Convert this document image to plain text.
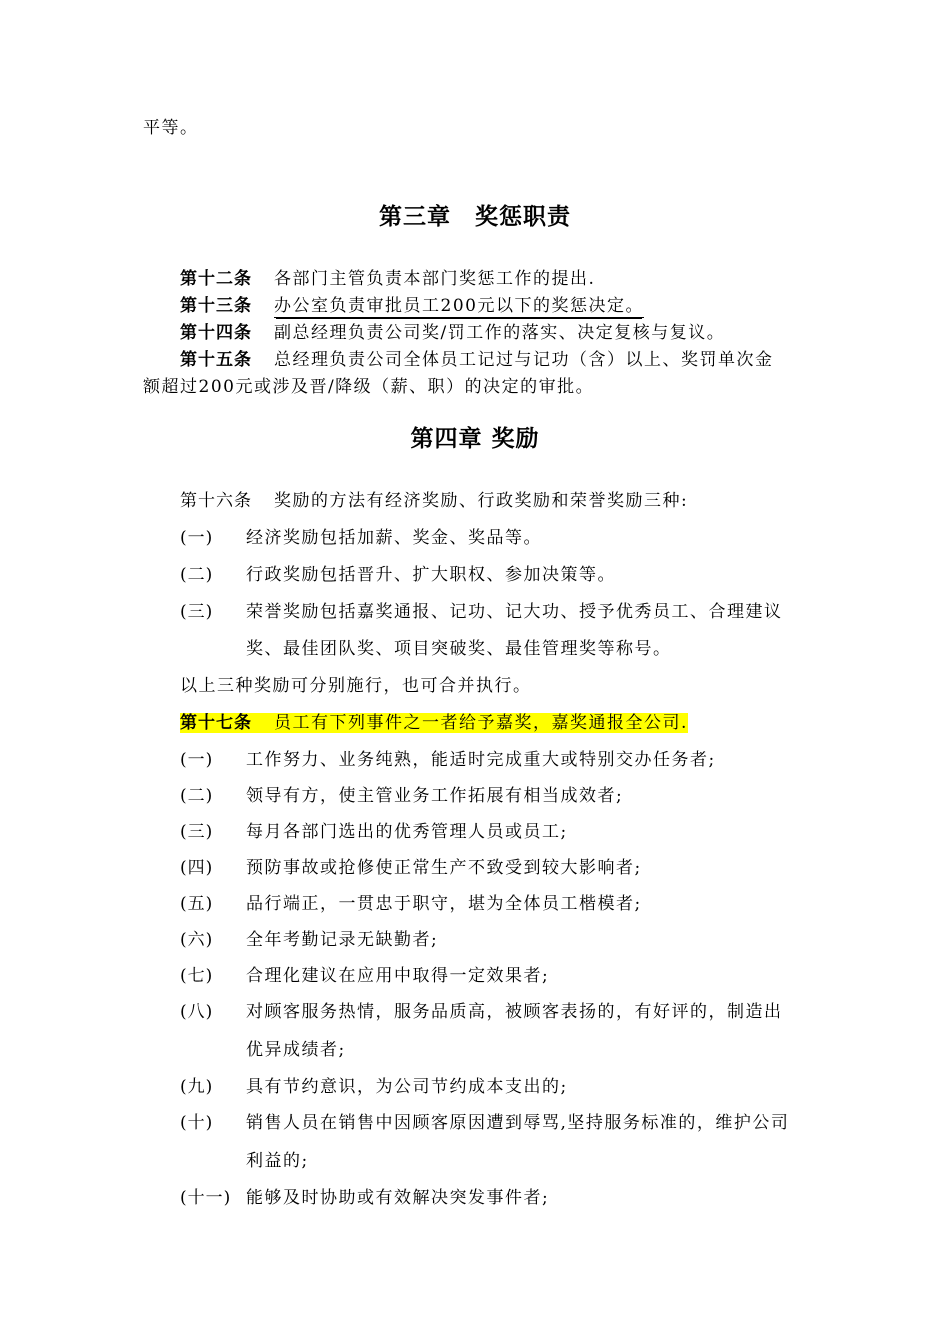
平等。
第三章　奖惩职责
第十二条 各部门主管负责本部门奖惩工作的提出.
第十三条 办公室负责审批员工200元以下的奖惩决定。
第十四条 副总经理负责公司奖/罚工作的落实、决定复核与复议。
第十五条 总经理负责公司全体员工记过与记功（含）以上、奖罚单次金
额超过200元或涉及晋/降级（薪、职）的决定的审批。
第四章 奖励
第十六条 奖励的方法有经济奖励、行政奖励和荣誉奖励三种:
(一) 经济奖励包括加薪、奖金、奖品等。
(二) 行政奖励包括晋升、扩大职权、参加决策等。
(三) 荣誉奖励包括嘉奖通报、记功、记大功、授予优秀员工、合理建议
奖、最佳团队奖、项目突破奖、最佳管理奖等称号。
以上三种奖励可分别施行，也可合并执行。
第十七条 员工有下列事件之一者给予嘉奖，嘉奖通报全公司.
(一) 工作努力、业务纯熟，能适时完成重大或特别交办任务者;
(二) 领导有方，使主管业务工作拓展有相当成效者;
(三) 每月各部门选出的优秀管理人员或员工;
(四) 预防事故或抢修使正常生产不致受到较大影响者;
(五) 品行端正，一贯忠于职守，堪为全体员工楷模者;
(六) 全年考勤记录无缺勤者;
(七) 合理化建议在应用中取得一定效果者;
(八) 对顾客服务热情，服务品质高，被顾客表扬的，有好评的，制造出
优异成绩者;
(九) 具有节约意识，为公司节约成本支出的;
(十) 销售人员在销售中因顾客原因遭到辱骂,坚持服务标准的，维护公司
利益的;
(十一) 能够及时协助或有效解决突发事件者;
